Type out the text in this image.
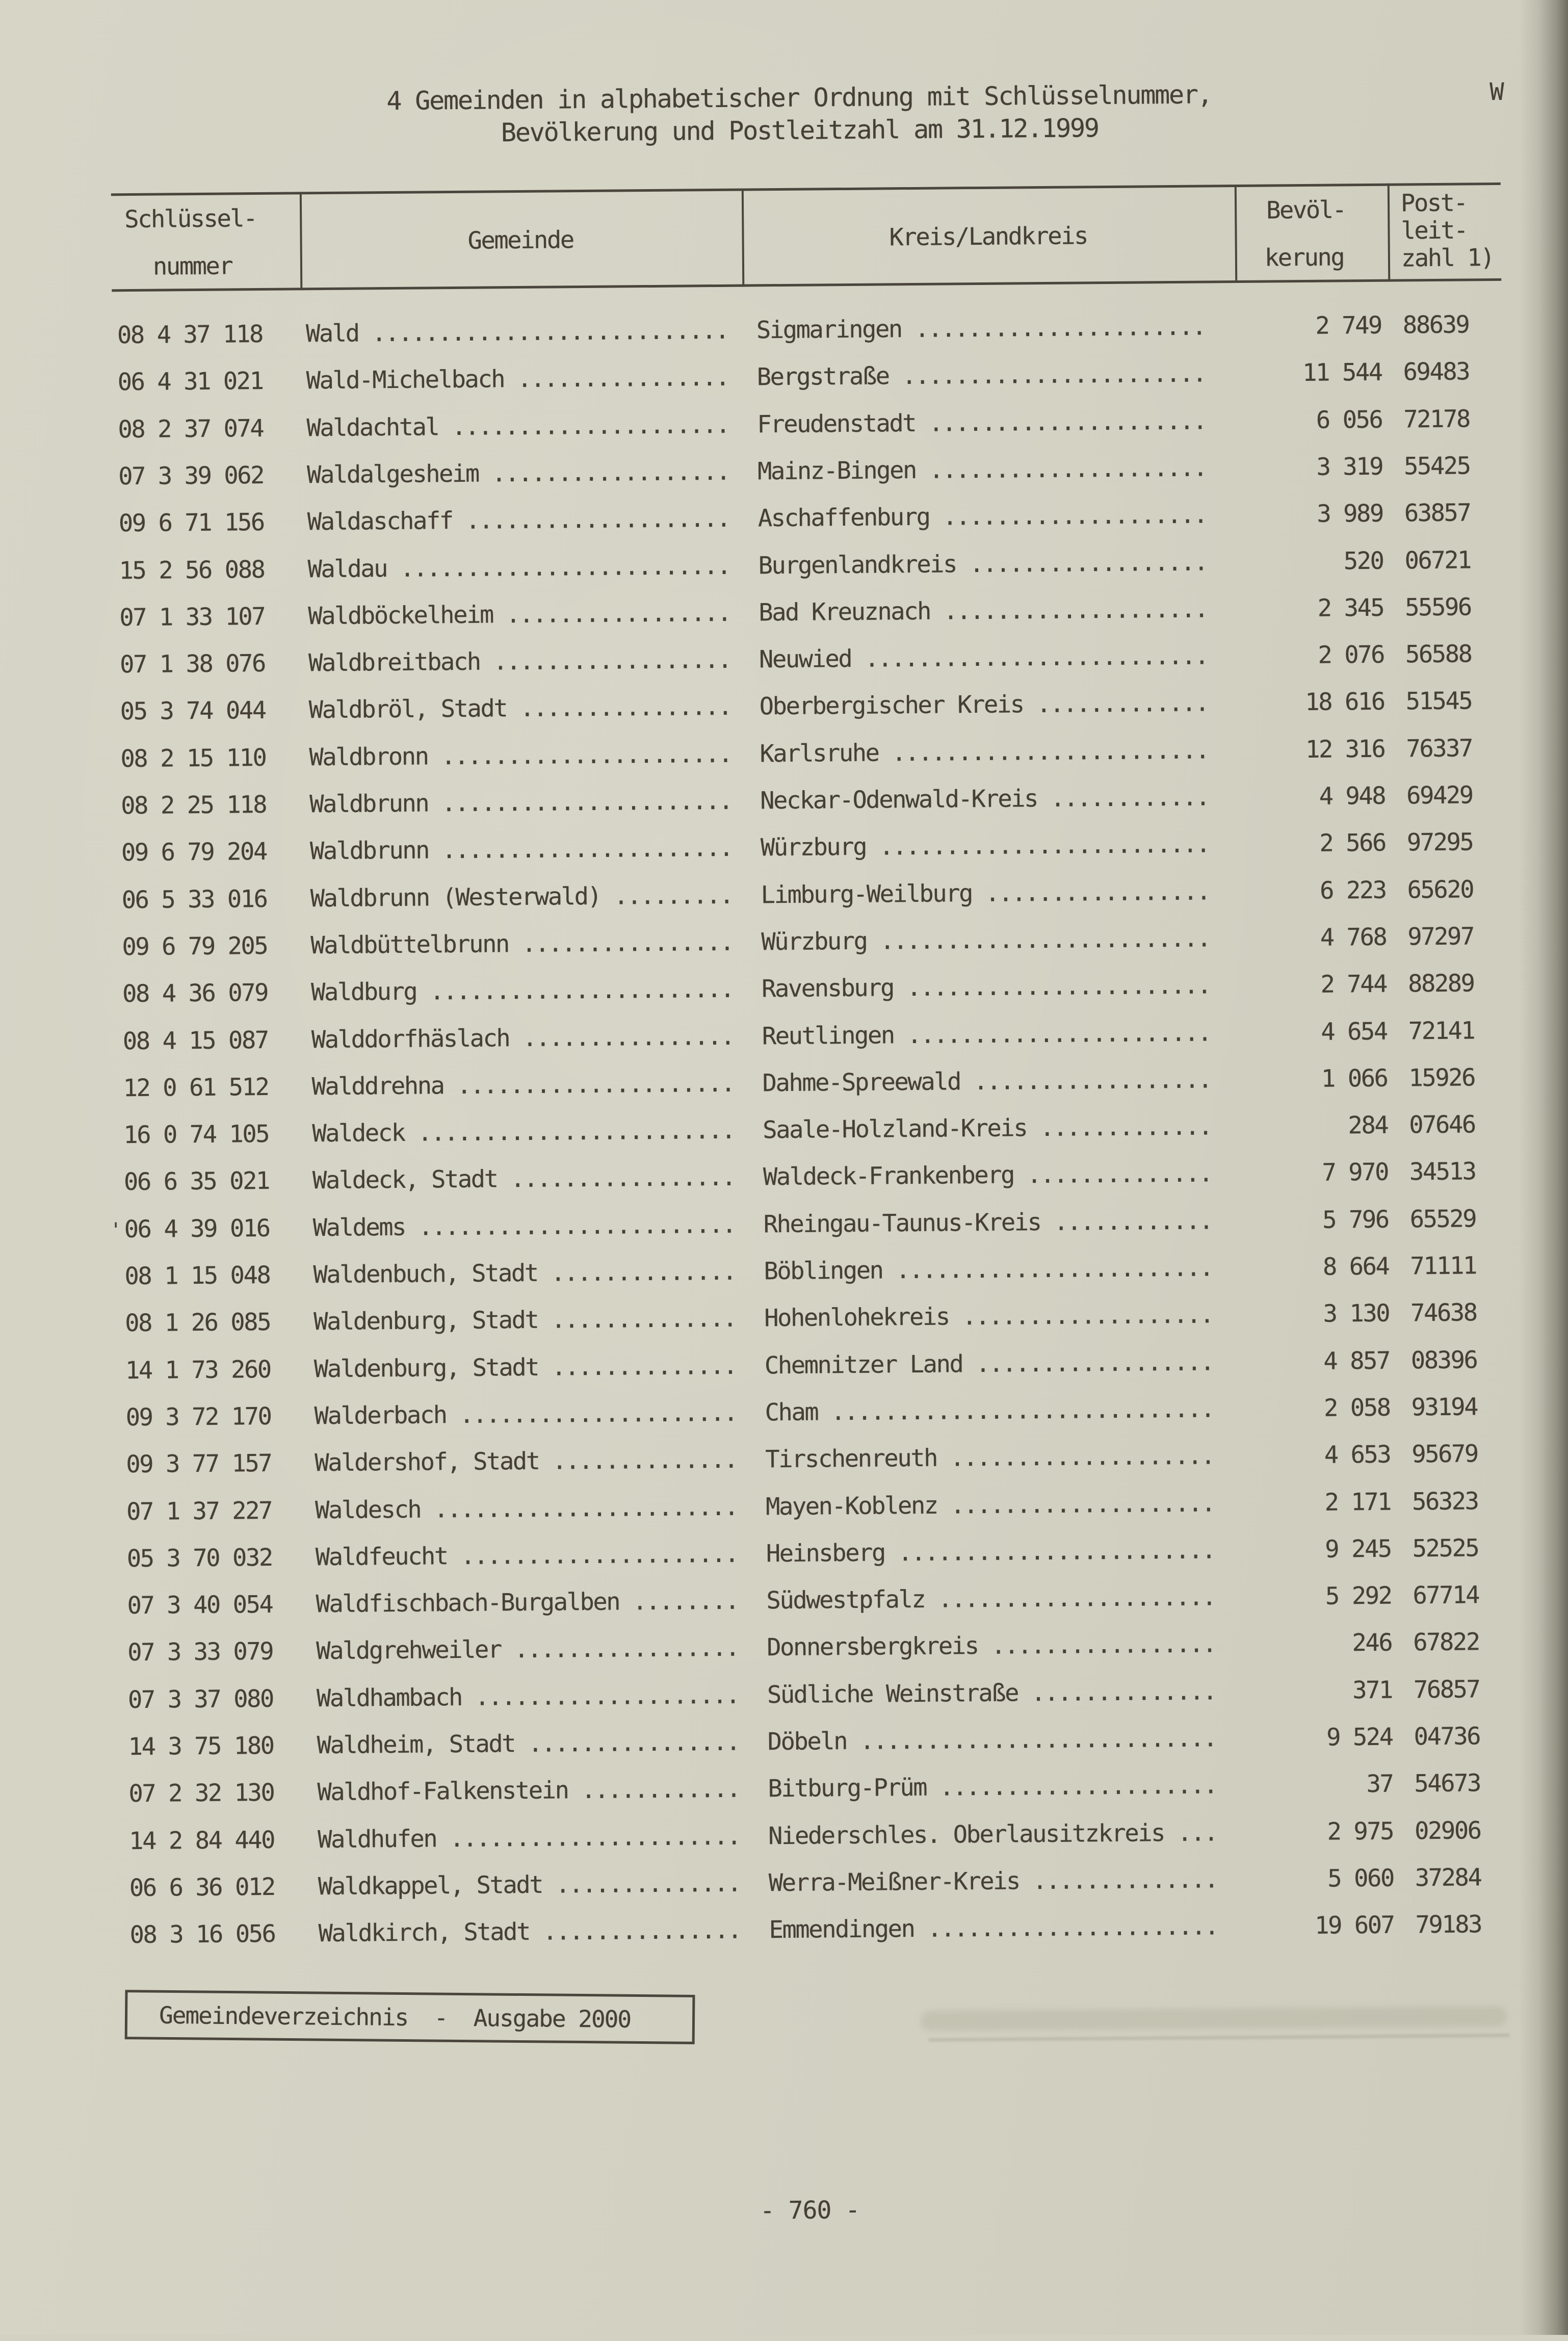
4 Gemeinden in alphabetischer Ordnung mit Schlüsselnummer,
Bevölkerung und Postleitzahl am 31.12.1999
W
Schlüssel-
nummer
Gemeinde	Kreis/Landkreis
Bevöl-
kerung
Post-
leit-
zahl 1)
08 4 37 118 Wald ........................... Sigmaringen ......................	2 749 88639
06 4 31 021 Wald-Michelbach ................ Bergstraße .......................	11 544 69483
08 2 37 074 Waldachtal ..................... Freudenstadt .....................	6 056 72178
07 3 39 062 Waldalgesheim .................. Mainz-Bingen .....................	3 319 55425
09 6 71 156 Waldaschaff .................... Aschaffenburg ....................	3 989 63857
15 2 56 088 Waldau ......................... Burgenlandkreis ..................	520 06721
07 1 33 107 Waldböckelheim ................. Bad Kreuznach ....................	2 345 55596
07 1 38 076 Waldbreitbach .................. Neuwied ..........................	2 076 56588
05 3 74 044 Waldbröl, Stadt ................ Oberbergischer Kreis .............	18 616 51545
08 2 15 110 Waldbronn ...................... Karlsruhe ........................	12 316 76337
08 2 25 118 Waldbrunn ...................... Neckar-Odenwald-Kreis ............	4 948 69429
09 6 79 204 Waldbrunn ...................... Würzburg .........................	2 566 97295
06 5 33 016 Waldbrunn (Westerwald) ......... Limburg-Weilburg .................	6 223 65620
09 6 79 205 Waldbüttelbrunn ................ Würzburg .........................	4 768 97297
08 4 36 079 Waldburg ....................... Ravensburg .......................	2 744 88289
08 4 15 087 Walddorfhäslach ................ Reutlingen .......................	4 654 72141
12 0 61 512 Walddrehna ..................... Dahme-Spreewald ..................	1 066 15926
16 0 74 105 Waldeck ........................ Saale-Holzland-Kreis .............	284 07646
06 6 35 021 Waldeck, Stadt ................. Waldeck-Frankenberg ..............	7 970 34513
' 06 4 39 016 Waldems ........................ Rheingau-Taunus-Kreis ............	5 796 65529
08 1 15 048 Waldenbuch, Stadt .............. Böblingen ........................	8 664 71111
08 1 26 085 Waldenburg, Stadt .............. Hohenlohekreis ...................	3 130 74638
14 1 73 260 Waldenburg, Stadt .............. Chemnitzer Land ..................	4 857 08396
09 3 72 170 Walderbach ..................... Cham .............................	2 058 93194
09 3 77 157 Waldershof, Stadt .............. Tirschenreuth ....................	4 653 95679
07 1 37 227 Waldesch ....................... Mayen-Koblenz ....................	2 171 56323
05 3 70 032 Waldfeucht ..................... Heinsberg ........................	9 245 52525
07 3 40 054 Waldfischbach-Burgalben ........ Südwestpfalz .....................	5 292 67714
07 3 33 079 Waldgrehweiler ................. Donnersbergkreis .................	246 67822
07 3 37 080 Waldhambach .................... Südliche Weinstraße ..............	371 76857
14 3 75 180 Waldheim, Stadt ................ Döbeln ...........................	9 524 04736
07 2 32 130 Waldhof-Falkenstein ............ Bitburg-Prüm .....................	37 54673
14 2 84 440 Waldhufen ...................... Niederschles. Oberlausitzkreis ...	2 975 02906
06 6 36 012 Waldkappel, Stadt .............. Werra-Meißner-Kreis ..............	5 060 37284
08 3 16 056 Waldkirch, Stadt ............... Emmendingen ......................	19 607 79183
Gemeindeverzeichnis  -  Ausgabe 2000
- 760 -
